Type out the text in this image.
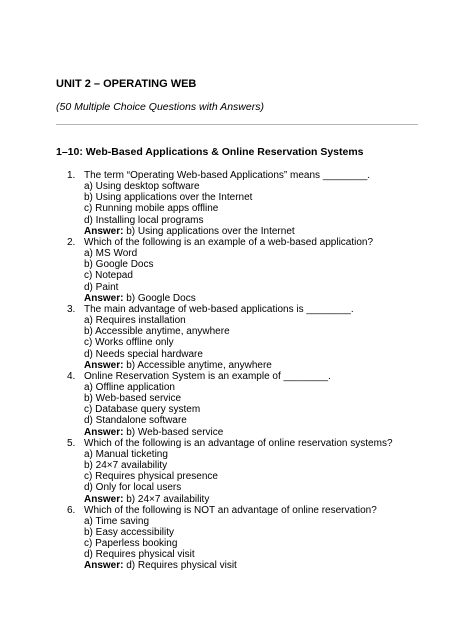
UNIT 2 – OPERATING WEB
(50 Multiple Choice Questions with Answers)
1–10: Web-Based Applications & Online Reservation Systems
1. The term “Operating Web-based Applications” means ________.
a) Using desktop software
b) Using applications over the Internet
c) Running mobile apps offline
d) Installing local programs
Answer: b) Using applications over the Internet
2. Which of the following is an example of a web-based application?
a) MS Word
b) Google Docs
c) Notepad
d) Paint
Answer: b) Google Docs
3. The main advantage of web-based applications is ________.
a) Requires installation
b) Accessible anytime, anywhere
c) Works offline only
d) Needs special hardware
Answer: b) Accessible anytime, anywhere
4. Online Reservation System is an example of ________.
a) Offline application
b) Web-based service
c) Database query system
d) Standalone software
Answer: b) Web-based service
5. Which of the following is an advantage of online reservation systems?
a) Manual ticketing
b) 24×7 availability
c) Requires physical presence
d) Only for local users
Answer: b) 24×7 availability
6. Which of the following is NOT an advantage of online reservation?
a) Time saving
b) Easy accessibility
c) Paperless booking
d) Requires physical visit
Answer: d) Requires physical visit
